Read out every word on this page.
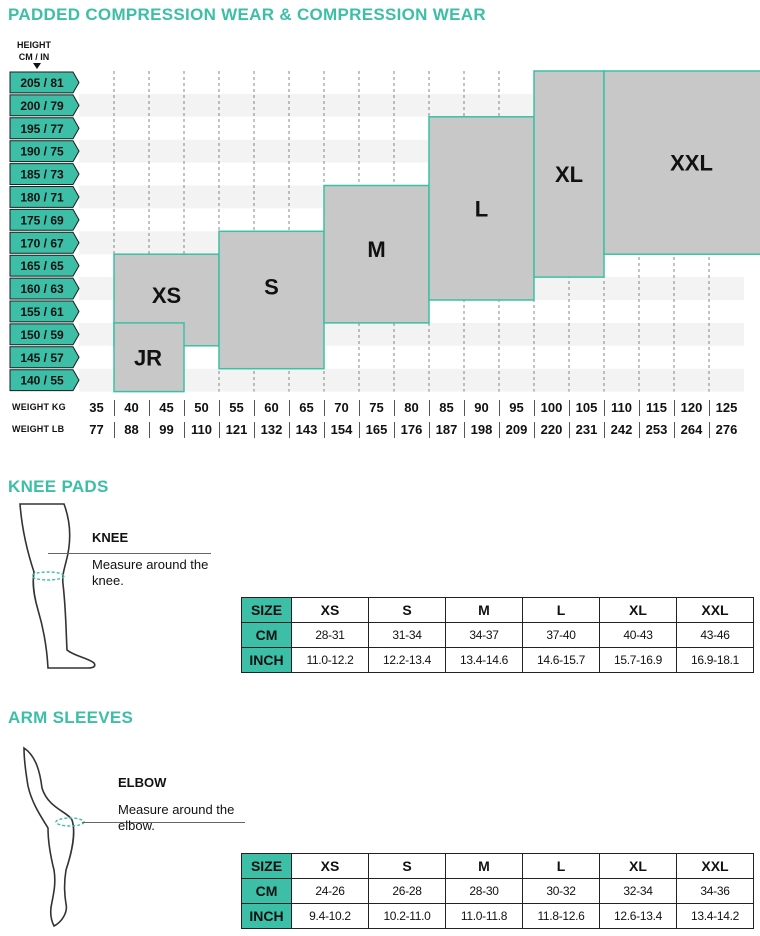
PADDED COMPRESSION WEAR & COMPRESSION WEAR
HEIGHT
CM / IN
205 / 81
200 / 79
195 / 77
190 / 75
185 / 73
180 / 71
175 / 69
170 / 67
165 / 65
160 / 63
155 / 61
150 / 59
145 / 57
140 / 55
XS
JR
S
M
L
XL	XXL
WEIGHT KG	35	40	45	50	55	60	65	70	75	80	85	90	95	100	105	110	115	120	125
WEIGHT LB	77	88	99	110	121	132	143	154	165	176	187	198	209	220	231	242	253	264	276
KNEE PADS
KNEE
Measure around the knee.
SIZE	XS	S	M	L	XL	XXL
CM	28-31	31-34	34-37	37-40	40-43	43-46
INCH	11.0-12.2	12.2-13.4	13.4-14.6	14.6-15.7	15.7-16.9	16.9-18.1
ARM SLEEVES
ELBOW
Measure around the elbow.
SIZE	XS	S	M	L	XL	XXL
CM	24-26	26-28	28-30	30-32	32-34	34-36
INCH	9.4-10.2	10.2-11.0	11.0-11.8	11.8-12.6	12.6-13.4	13.4-14.2
